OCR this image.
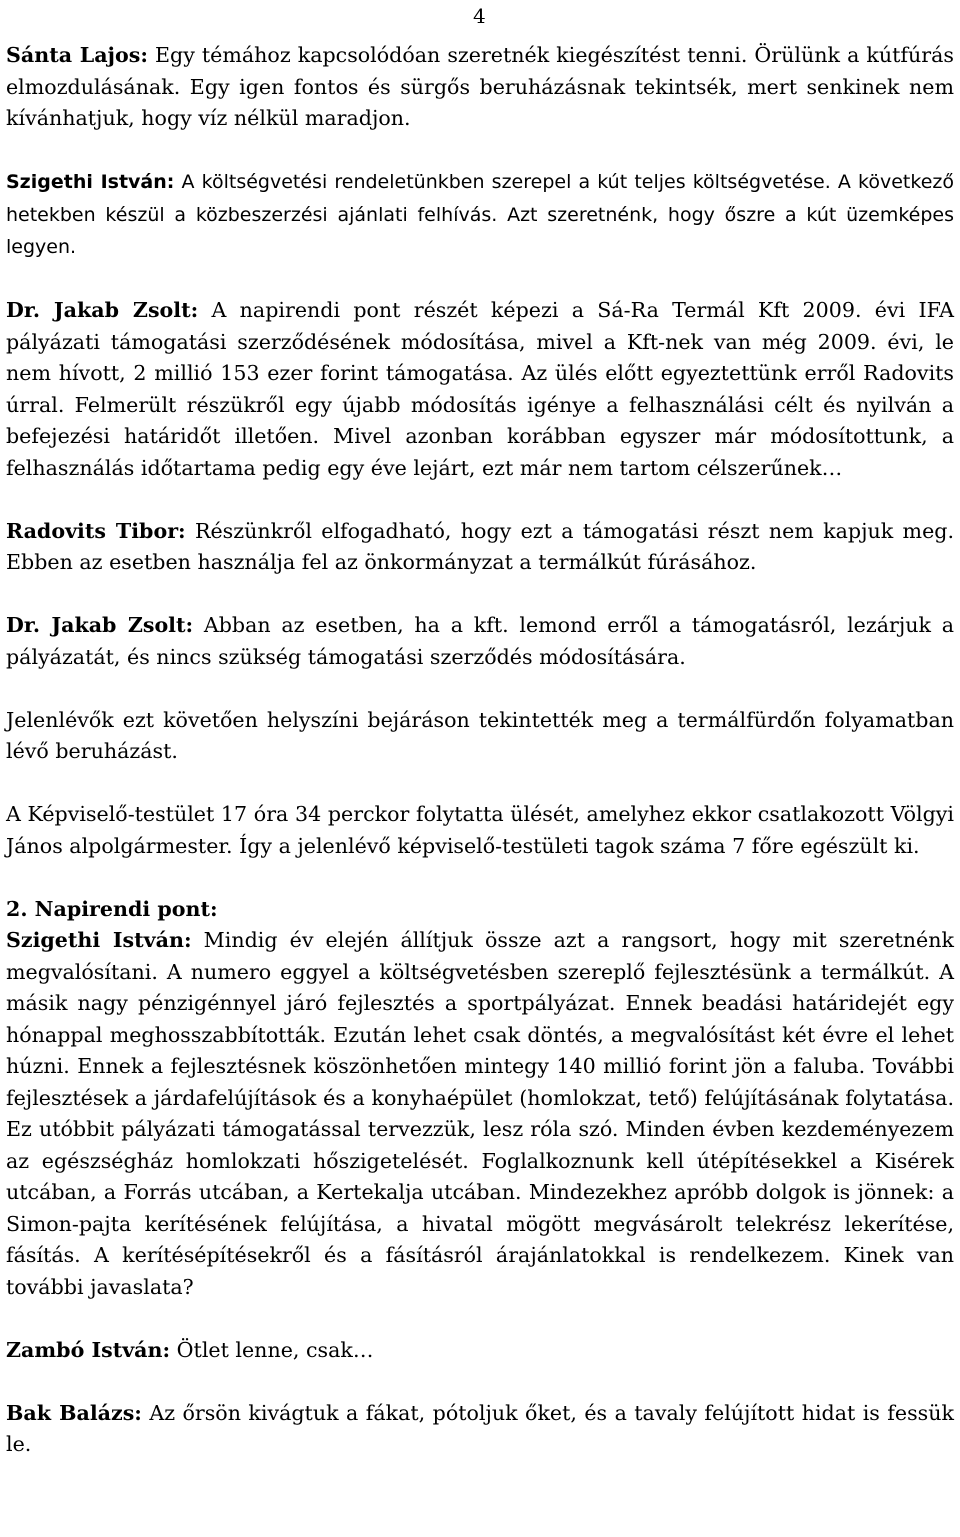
4

Sánta Lajos: Egy témához kapcsolódóan szeretnék kiegészítést tenni. Örülünk a kútfúrás elmozdulásának. Egy igen fontos és sürgős beruházásnak tekintsék, mert senkinek nem kívánhatjuk, hogy víz nélkül maradjon.

Szigethi István: A költségvetési rendeletünkben szerepel a kút teljes költségvetése. A következő hetekben készül a közbeszerzési ajánlati felhívás. Azt szeretnénk, hogy őszre a kút üzemképes legyen.

Dr. Jakab Zsolt: A napirendi pont részét képezi a Sá-Ra Termál Kft 2009. évi IFA pályázati támogatási szerződésének módosítása, mivel a Kft-nek van még 2009. évi, le nem hívott, 2 millió 153 ezer forint támogatása. Az ülés előtt egyeztettünk erről Radovits úrral. Felmerült részükről egy újabb módosítás igénye a felhasználási célt és nyilván a befejezési határidőt illetően. Mivel azonban korábban egyszer már módosítottunk, a felhasználás időtartama pedig egy éve lejárt, ezt már nem tartom célszerűnek…

Radovits Tibor: Részünkről elfogadható, hogy ezt a támogatási részt nem kapjuk meg. Ebben az esetben használja fel az önkormányzat a termálkút fúrásához.

Dr. Jakab Zsolt: Abban az esetben, ha a kft. lemond erről a támogatásról, lezárjuk a pályázatát, és nincs szükség támogatási szerződés módosítására.

Jelenlévők ezt követően helyszíni bejáráson tekintették meg a termálfürdőn folyamatban lévő beruházást.

A Képviselő-testület 17 óra 34 perckor folytatta ülését, amelyhez ekkor csatlakozott Völgyi János alpolgármester. Így a jelenlévő képviselő-testületi tagok száma 7 főre egészült ki.

2. Napirendi pont:

Szigethi István: Mindig év elején állítjuk össze azt a rangsort, hogy mit szeretnénk megvalósítani. A numero eggyel a költségvetésben szereplő fejlesztésünk a termálkút. A másik nagy pénzigénnyel járó fejlesztés a sportpályázat. Ennek beadási határidejét egy hónappal meghosszabbították. Ezután lehet csak döntés, a megvalósítást két évre el lehet húzni. Ennek a fejlesztésnek köszönhetően mintegy 140 millió forint jön a faluba. További fejlesztések a járdafelújítások és a konyhaépület (homlokzat, tető) felújításának folytatása. Ez utóbbit pályázati támogatással tervezzük, lesz róla szó. Minden évben kezdeményezem az egészségház homlokzati hőszigetelését. Foglalkoznunk kell útépítésekkel a Kisérek utcában, a Forrás utcában, a Kertekalja utcában. Mindezekhez apróbb dolgok is jönnek: a Simon-pajta kerítésének felújítása, a hivatal mögött megvásárolt telekrész lekerítése, fásítás. A kerítésépítésekről és a fásításról árajánlatokkal is rendelkezem. Kinek van további javaslata?

Zambó István: Ötlet lenne, csak…

Bak Balázs: Az őrsön kivágtuk a fákat, pótoljuk őket, és a tavaly felújított hidat is fessük le.
